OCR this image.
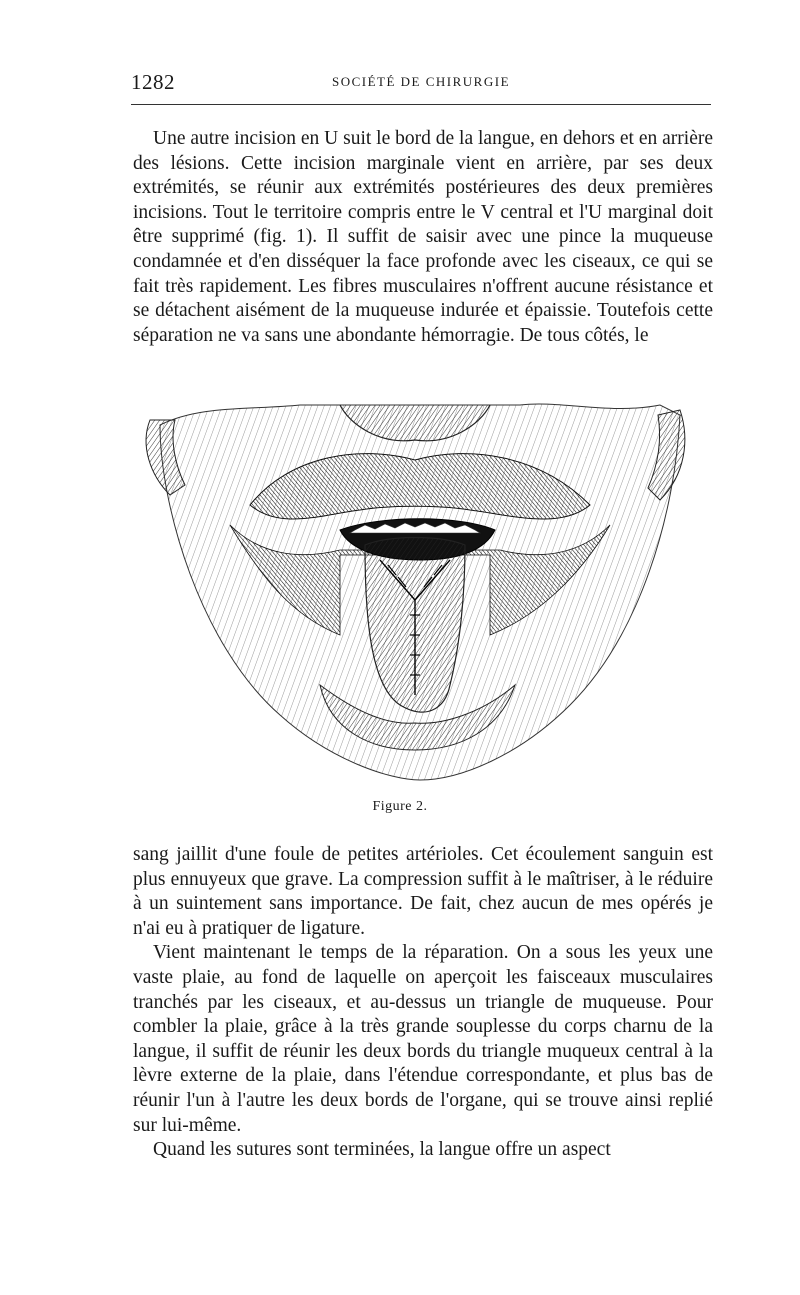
1282	SOCIÉTÉ DE CHIRURGIE

Une autre incision en U suit le bord de la langue, en dehors et en arrière des lésions. Cette incision marginale vient en arrière, par ses deux extrémités, se réunir aux extrémités postérieures des deux premières incisions. Tout le territoire compris entre le V central et l'U marginal doit être supprimé (fig. 1). Il suffit de saisir avec une pince la muqueuse condamnée et d'en disséquer la face profonde avec les ciseaux, ce qui se fait très rapidement. Les fibres musculaires n'offrent aucune résistance et se détachent aisément de la muqueuse indurée et épaissie. Toutefois cette séparation ne va sans une abondante hémorragie. De tous côtés, le

Figure 2.

sang jaillit d'une foule de petites artérioles. Cet écoulement sanguin est plus ennuyeux que grave. La compression suffit à le maîtriser, à le réduire à un suintement sans importance. De fait, chez aucun de mes opérés je n'ai eu à pratiquer de ligature.

Vient maintenant le temps de la réparation. On a sous les yeux une vaste plaie, au fond de laquelle on aperçoit les faisceaux musculaires tranchés par les ciseaux, et au-dessus un triangle de muqueuse. Pour combler la plaie, grâce à la très grande souplesse du corps charnu de la langue, il suffit de réunir les deux bords du triangle muqueux central à la lèvre externe de la plaie, dans l'étendue correspondante, et plus bas de réunir l'un à l'autre les deux bords de l'organe, qui se trouve ainsi replié sur lui-même.

Quand les sutures sont terminées, la langue offre un aspect
